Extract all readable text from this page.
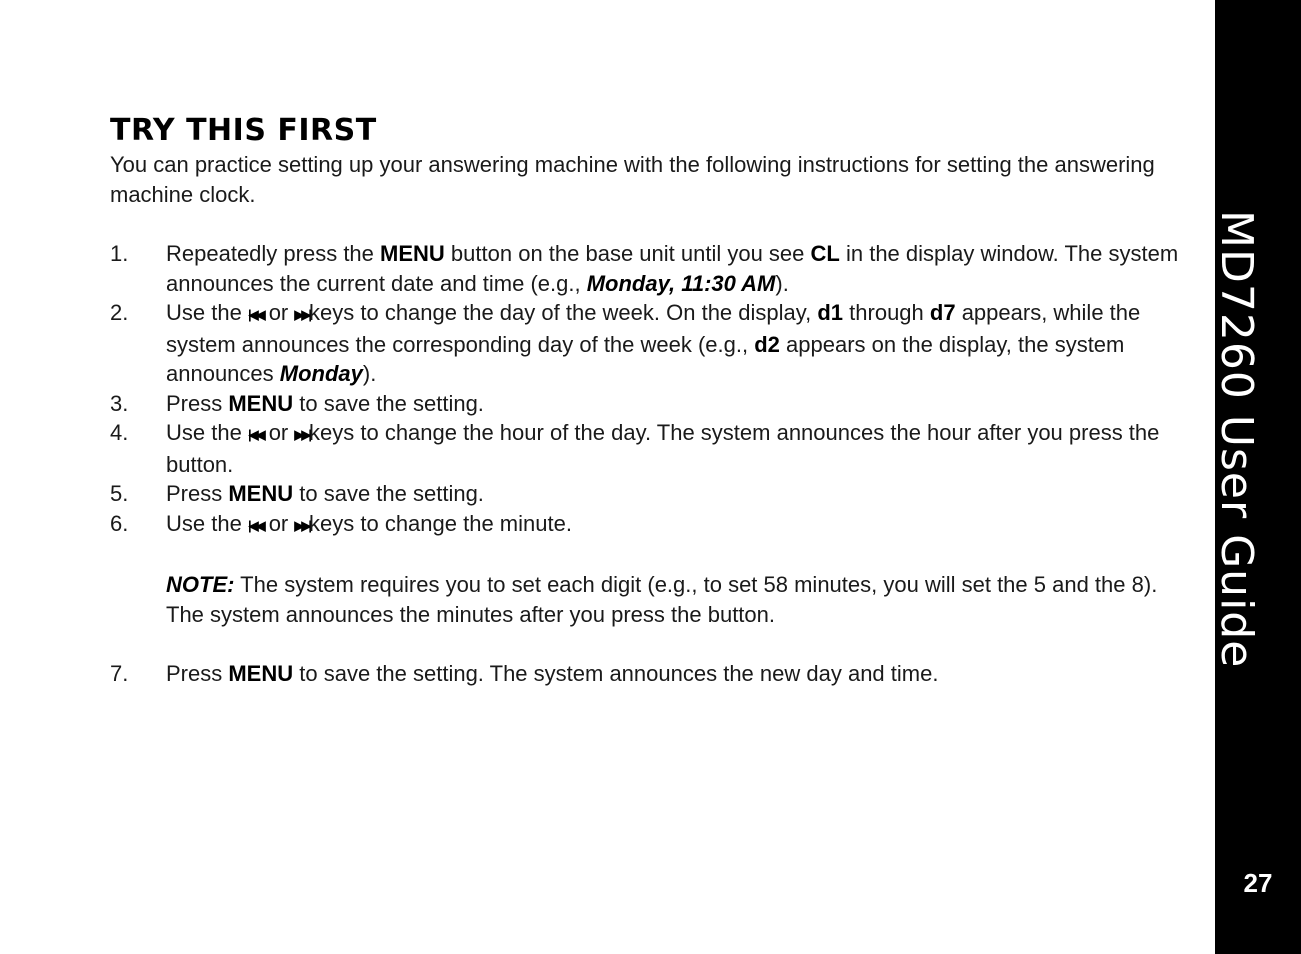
TRY THIS FIRST

You can practice setting up your answering machine with the following instructions for setting the answering machine clock.

1. Repeatedly press the MENU button on the base unit until you see CL in the display window. The system announces the current date and time (e.g., Monday, 11:30 AM).
2. Use the |◀◀ or ▶▶|keys to change the day of the week. On the display, d1 through d7 appears, while the system announces the corresponding day of the week (e.g., d2 appears on the display, the system announces Monday).
3. Press MENU to save the setting.
4. Use the |◀◀ or ▶▶|keys to change the hour of the day. The system announces the hour after you press the button.
5. Press MENU to save the setting.
6. Use the |◀◀ or ▶▶|keys to change the minute.
NOTE: The system requires you to set each digit (e.g., to set 58 minutes, you will set the 5 and the 8). The system announces the minutes after you press the button.
7. Press MENU to save the setting. The system announces the new day and time.
MD7260 User Guide
27
